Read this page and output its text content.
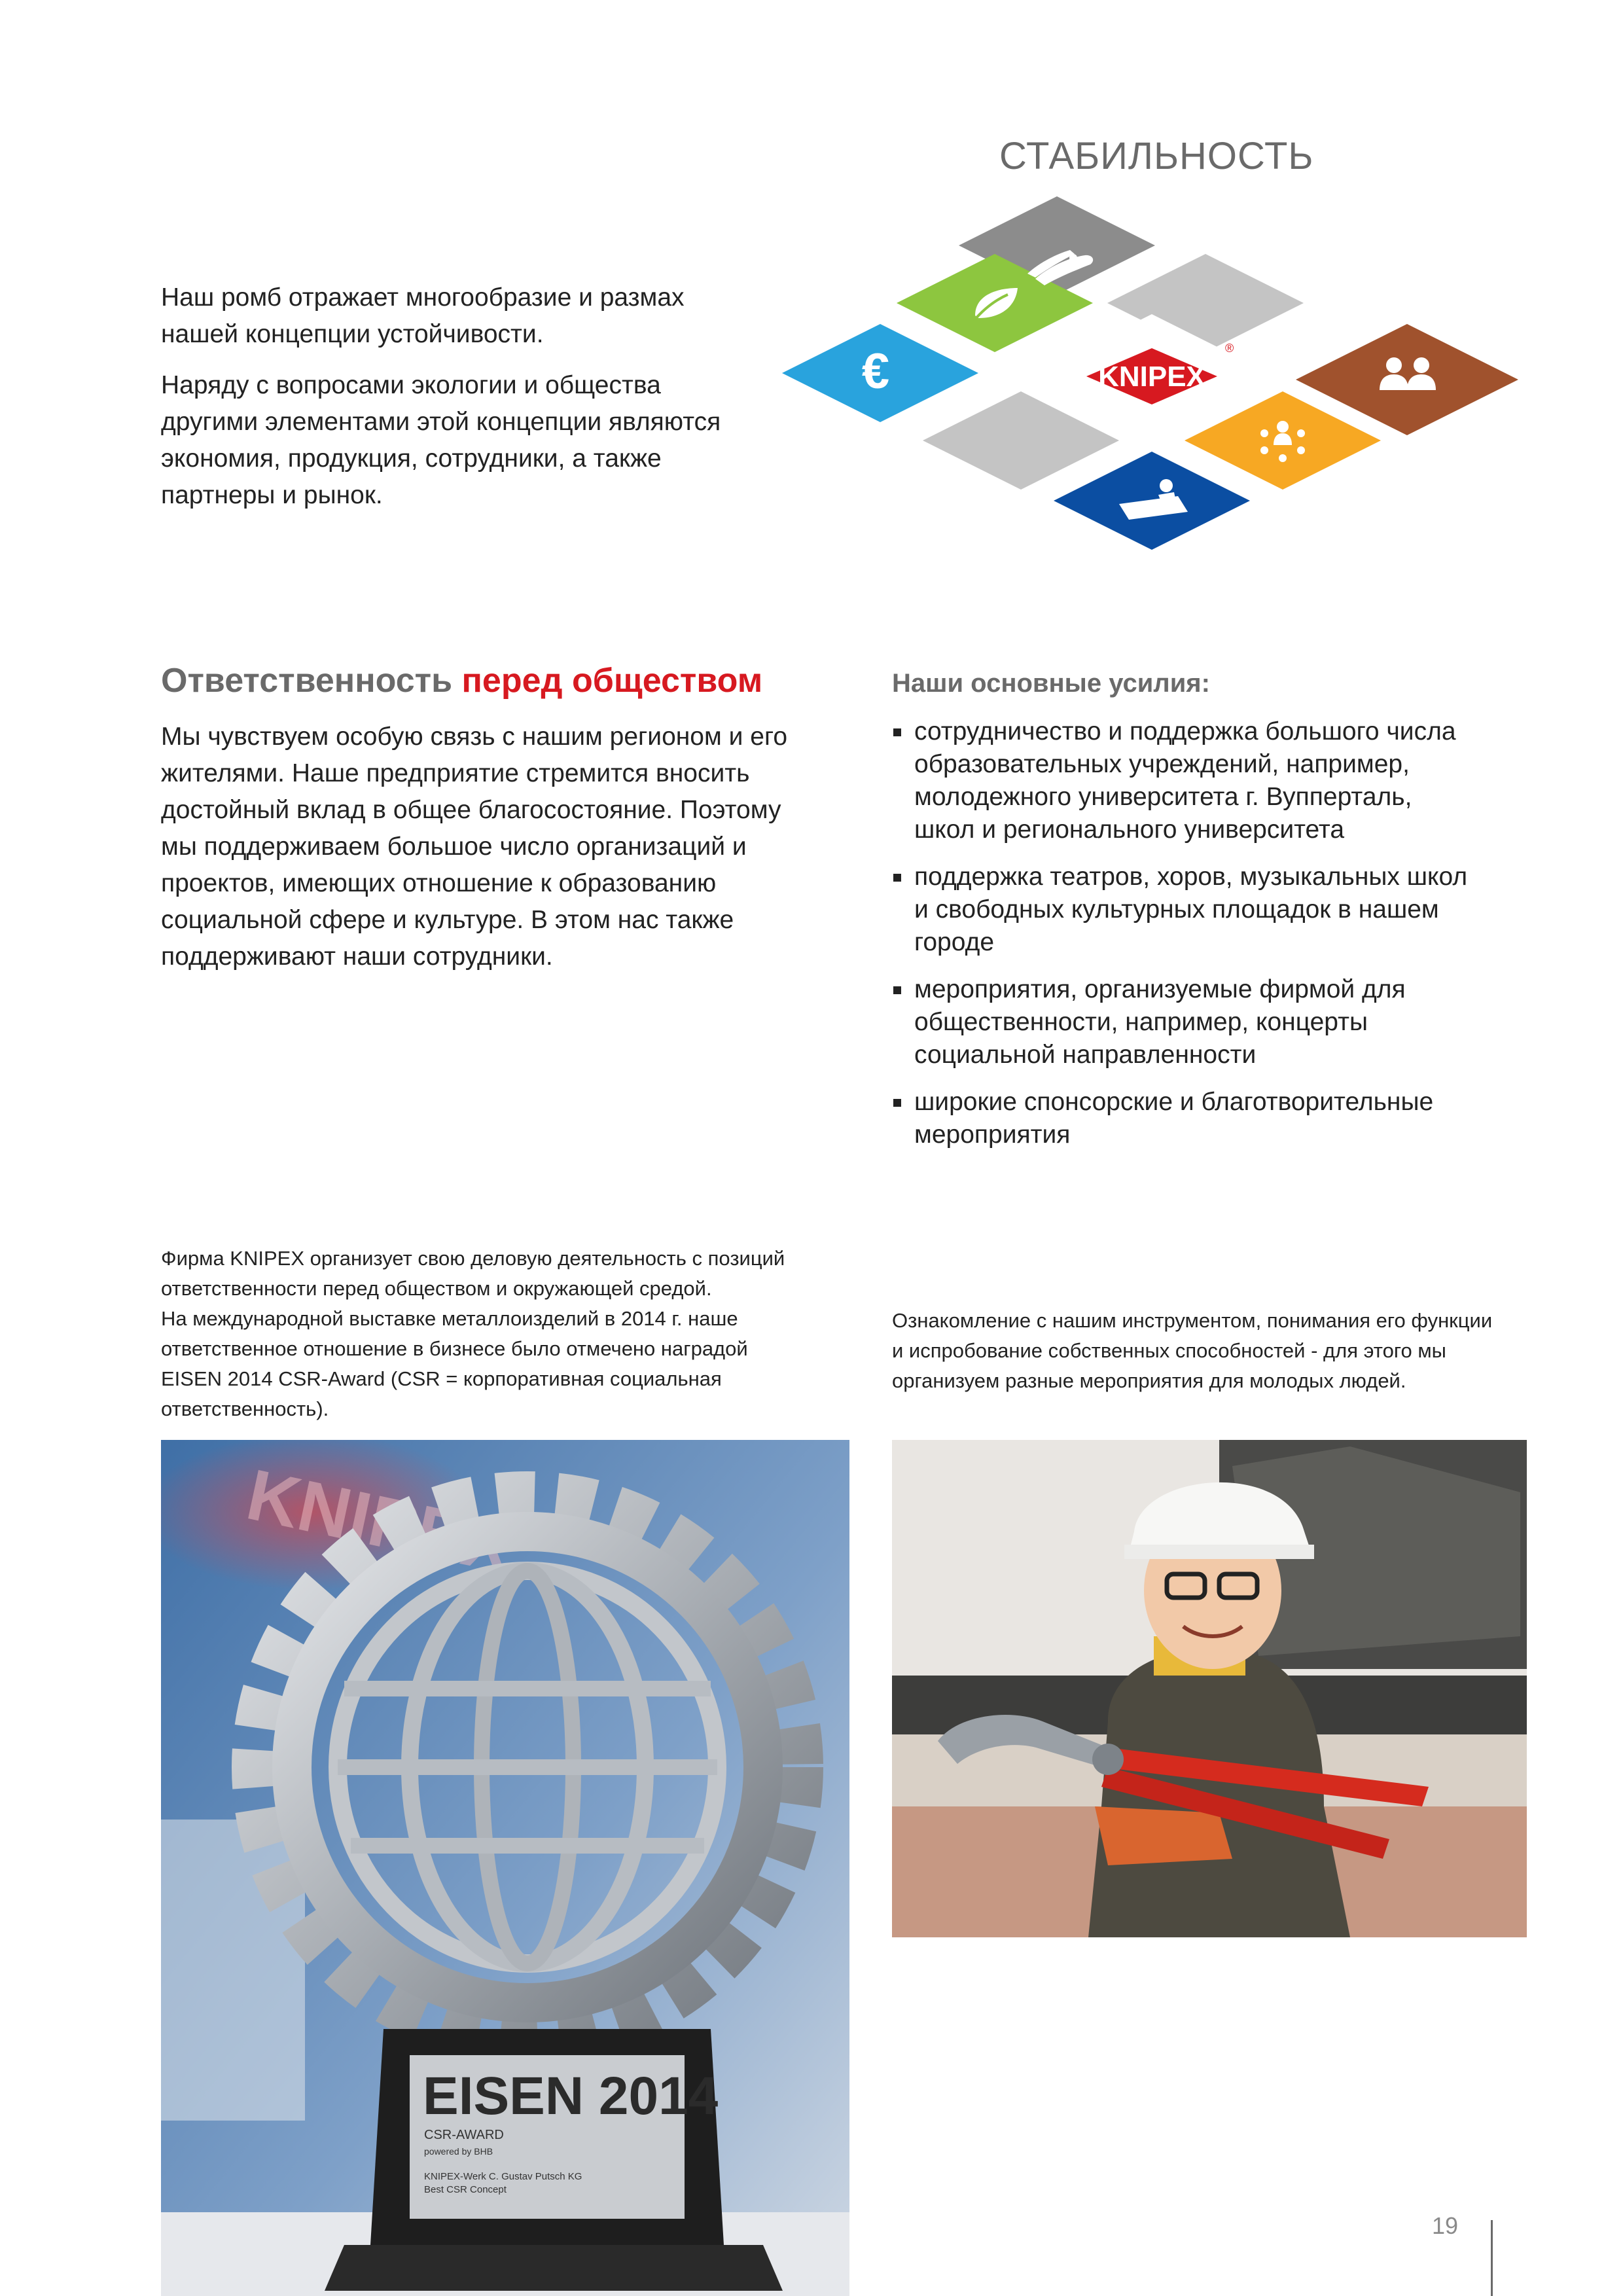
СТАБИЛЬНОСТЬ

Наш ромб отражает многообразие и размах нашей концепции устойчивости.

Наряду с вопросами экологии и общества другими элементами этой концепции являются экономия, продукция, сотрудники, а также партнеры и рынок.

€	KNIPEX
®
Ответственность перед обществом

Мы чувствуем особую связь с нашим регионом и его жителями. Наше предприятие стремится вносить достойный вклад в общее благосостояние. Поэтому мы поддерживаем большое число организаций и проектов, имеющих отношение к образованию социальной сфере и культуре. В этом нас также поддерживают наши сотрудники.

Наши основные усилия:
сотрудничество и поддержка большого числа образовательных учреждений, например, молодежного университета г. Вупперталь, школ и регионального университета
поддержка театров, хоров, музыкальных школ и свободных культурных площадок в нашем городе
мероприятия, организуемые фирмой для общественности, например, концерты социальной направленности
широкие спонсорские и благотворительные мероприятия

Фирма KNIPEX организует свою деловую деятельность с позиций

ответственности перед обществом и окружающей средой.

На международной выставке металлоизделий в 2014 г. наше

ответственное отношение в бизнесе было отмечено наградой

EISEN 2014 CSR-Award (CSR = корпоративная социальная

ответственность).

Ознакомление с нашим инструментом, понимания его функции

и испробование собственных способностей - для этого мы

организуем разные мероприятия для молодых людей.

KNIPEX
EISEN 2014
CSR-AWARD
powered by BHB
KNIPEX-Werk C. Gustav Putsch KG
Best CSR Concept
19
